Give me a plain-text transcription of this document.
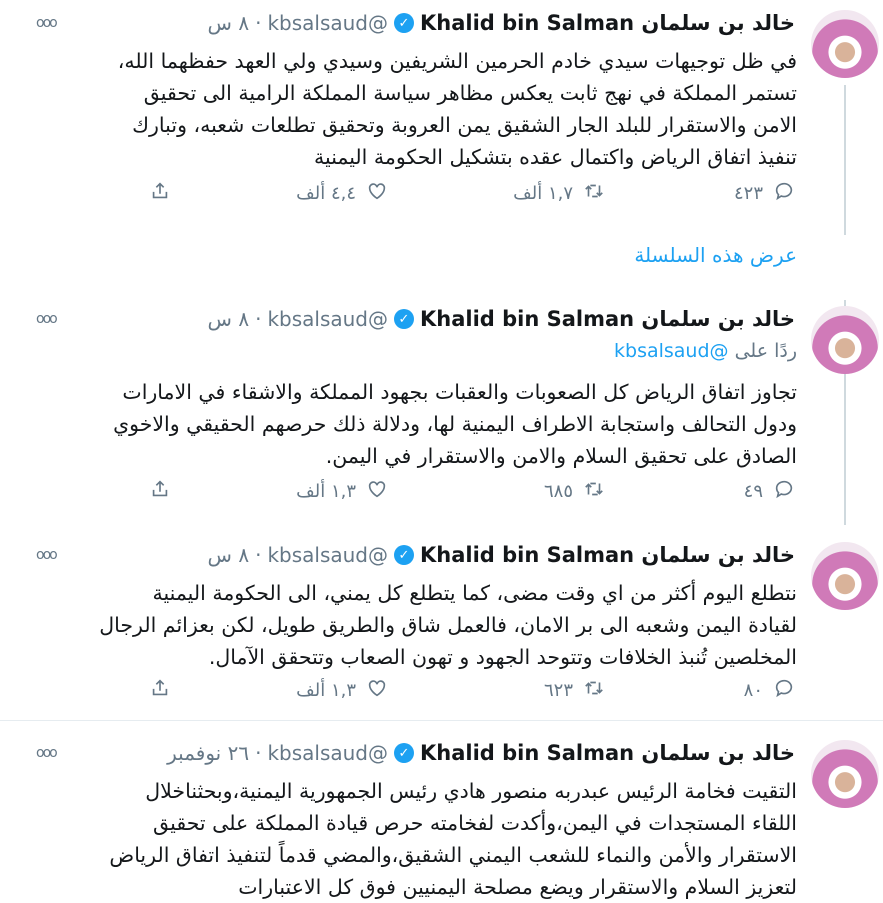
خالد بن سلمان Khalid bin Salman
✓
@kbsalsaud
·
٨ س
ooo
في ظل توجيهات سيدي خادم الحرمين الشريفين وسيدي ولي العهد حفظهما الله،
تستمر المملكة في نهج ثابت يعكس مظاهر سياسة المملكة الرامية الى تحقيق
الامن والاستقرار للبلد الجار الشقيق يمن العروبة وتحقيق تطلعات شعبه، وتبارك
تنفيذ اتفاق الرياض واكتمال عقده بتشكيل الحكومة اليمنية
٤٢٣
١,٧ ألف
٤,٤ ألف
خالد بن سلمان Khalid bin Salman
✓
@kbsalsaud
·
٨ س
ooo
ردًا على @kbsalsaud
تجاوز اتفاق الرياض كل الصعوبات والعقبات بجهود المملكة والاشقاء في الامارات
ودول التحالف واستجابة الاطراف اليمنية لها، ودلالة ذلك حرصهم الحقيقي والاخوي
الصادق على تحقيق السلام والامن والاستقرار في اليمن.
٤٩
٦٨٥
١,٣ ألف
خالد بن سلمان Khalid bin Salman
✓
@kbsalsaud
·
٨ س
ooo
نتطلع اليوم أكثر من اي وقت مضى، كما يتطلع كل يمني، الى الحكومة اليمنية
لقيادة اليمن وشعبه الى بر الامان، فالعمل شاق والطريق طويل، لكن بعزائم الرجال
المخلصين تُنبذ الخلافات وتتوحد الجهود و تهون الصعاب وتتحقق الآمال.
٨٠
٦٢٣
١,٣ ألف
خالد بن سلمان Khalid bin Salman
✓
@kbsalsaud
·
٢٦ نوفمبر
ooo
التقيت فخامة الرئيس عبدربه منصور هادي رئيس الجمهورية اليمنية،وبحثناخلال
اللقاء المستجدات في اليمن،وأكدت لفخامته حرص قيادة المملكة على تحقيق
الاستقرار والأمن والنماء للشعب اليمني الشقيق،والمضي قدماً لتنفيذ اتفاق الرياض
لتعزيز السلام والاستقرار ويضع مصلحة اليمنيين فوق كل الاعتبارات
عرض هذه السلسلة
